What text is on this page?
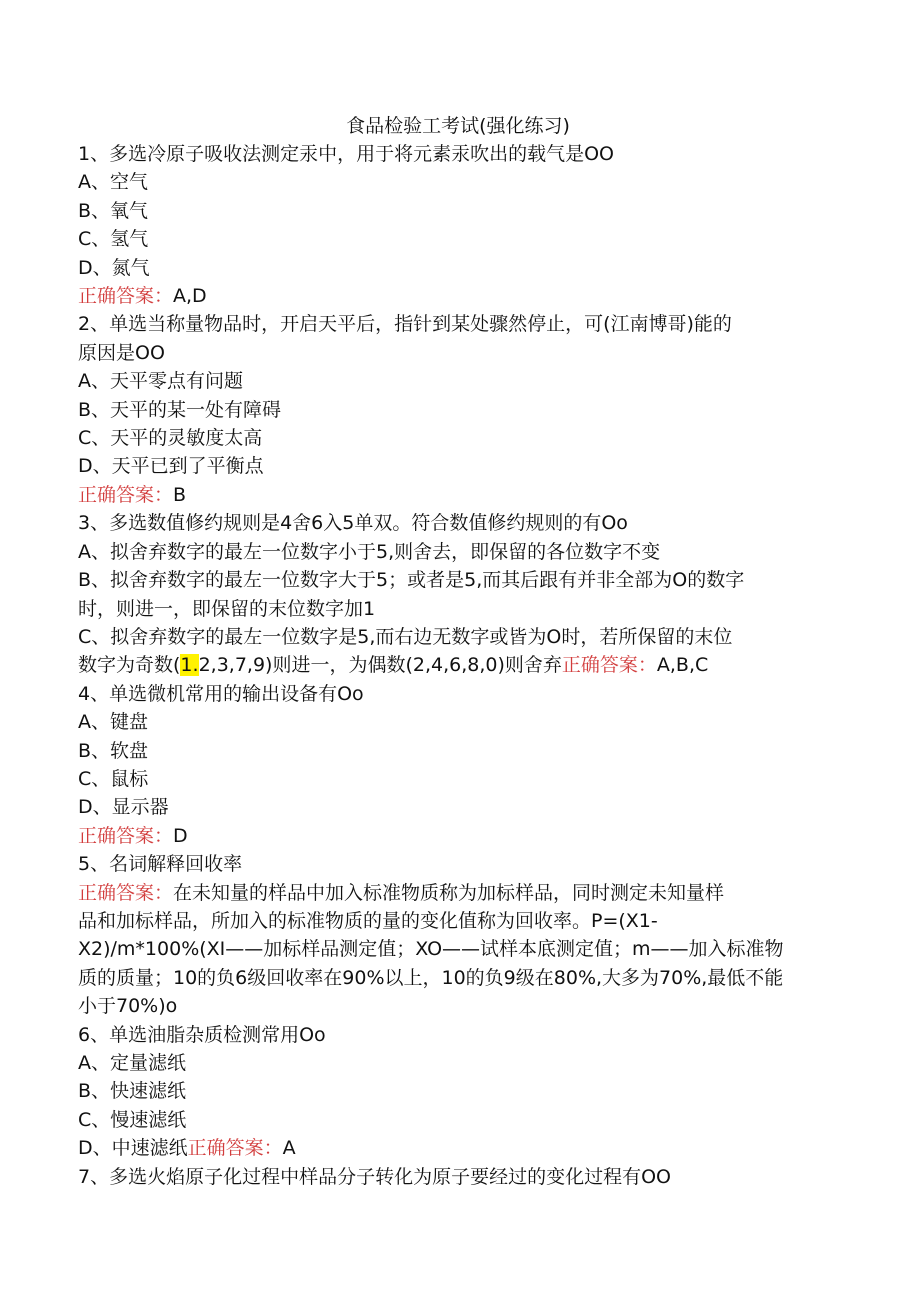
食品检验工考试(强化练习)
1、多选冷原子吸收法测定汞中，用于将元素汞吹出的载气是OO
A、空气
B、氧气
C、氢气
D、氮气
正确答案：A,D
2、单选当称量物品时，开启天平后，指针到某处骤然停止，可(江南博哥)能的
原因是OO
A、天平零点有问题
B、天平的某一处有障碍
C、天平的灵敏度太高
D、天平已到了平衡点
正确答案：B
3、多选数值修约规则是4舍6入5单双。符合数值修约规则的有Oo
A、拟舍弃数字的最左一位数字小于5,则舍去，即保留的各位数字不变
B、拟舍弃数字的最左一位数字大于5；或者是5,而其后跟有并非全部为O的数字
时，则进一，即保留的末位数字加1
C、拟舍弃数字的最左一位数字是5,而右边无数字或皆为O时，若所保留的末位
数字为奇数(1.2,3,7,9)则进一，为偶数(2,4,6,8,0)则舍弃正确答案：A,B,C
4、单选微机常用的输出设备有Oo
A、键盘
B、软盘
C、鼠标
D、显示器
正确答案：D
5、名词解释回收率
正确答案：在未知量的样品中加入标准物质称为加标样品，同时测定未知量样
品和加标样品，所加入的标准物质的量的变化值称为回收率。P=(X1-
X2)∕m*100%(XI——加标样品测定值；XO——试样本底测定值；m——加入标准物
质的质量；10的负6级回收率在90%以上，10的负9级在80%,大多为70%,最低不能
小于70%)o
6、单选油脂杂质检测常用Oo
A、定量滤纸
B、快速滤纸
C、慢速滤纸
D、中速滤纸正确答案：A
7、多选火焰原子化过程中样品分子转化为原子要经过的变化过程有OO
